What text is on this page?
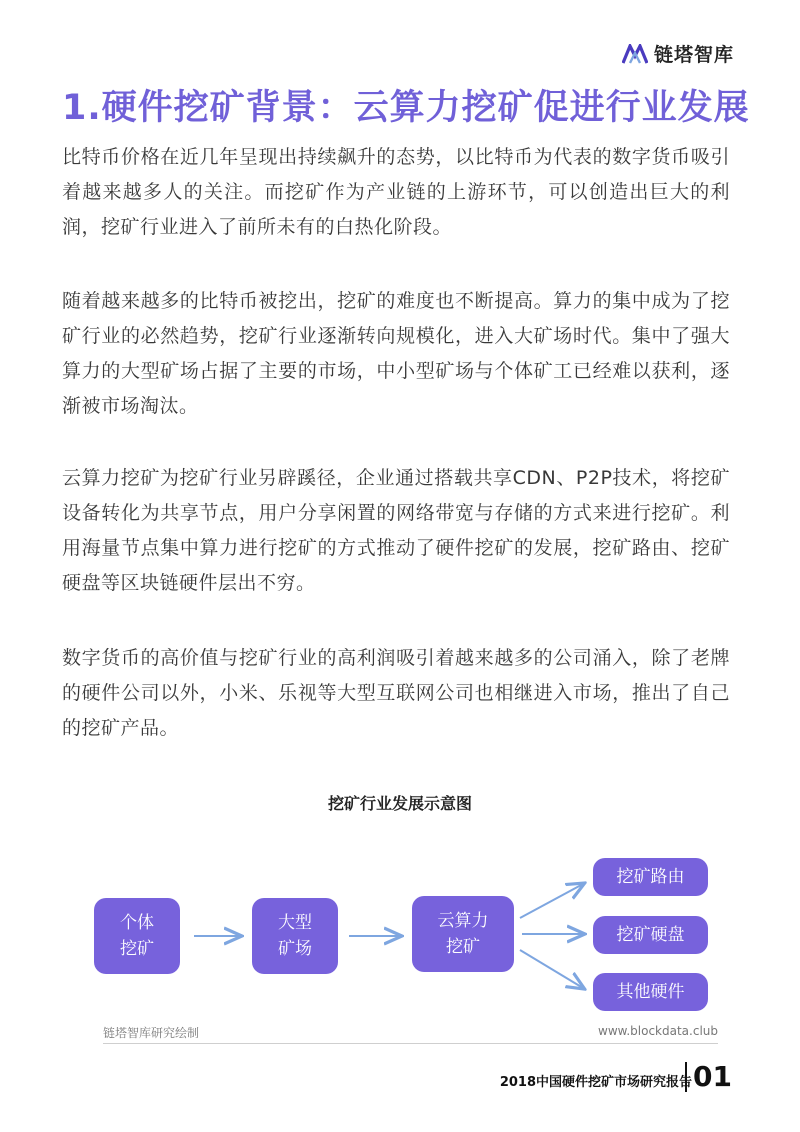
链塔智库
1.硬件挖矿背景：云算力挖矿促进行业发展

比特币价格在近几年呈现出持续飙升的态势，以比特币为代表的数字货币吸引着越来越多人的关注。而挖矿作为产业链的上游环节，可以创造出巨大的利润，挖矿行业进入了前所未有的白热化阶段。

随着越来越多的比特币被挖出，挖矿的难度也不断提高。算力的集中成为了挖矿行业的必然趋势，挖矿行业逐渐转向规模化，进入大矿场时代。集中了强大算力的大型矿场占据了主要的市场，中小型矿场与个体矿工已经难以获利，逐渐被市场淘汰。

云算力挖矿为挖矿行业另辟蹊径，企业通过搭载共享CDN、P2P技术，将挖矿设备转化为共享节点，用户分享闲置的网络带宽与存储的方式来进行挖矿。利用海量节点集中算力进行挖矿的方式推动了硬件挖矿的发展，挖矿路由、挖矿硬盘等区块链硬件层出不穷。

数字货币的高价值与挖矿行业的高利润吸引着越来越多的公司涌入，除了老牌的硬件公司以外，小米、乐视等大型互联网公司也相继进入市场，推出了自己的挖矿产品。

挖矿行业发展示意图
个体
挖矿
大型
矿场
云算力
挖矿
挖矿路由
挖矿硬盘
其他硬件
链塔智库研究绘制	www.blockdata.club
2018中国硬件挖矿市场研究报告 01
